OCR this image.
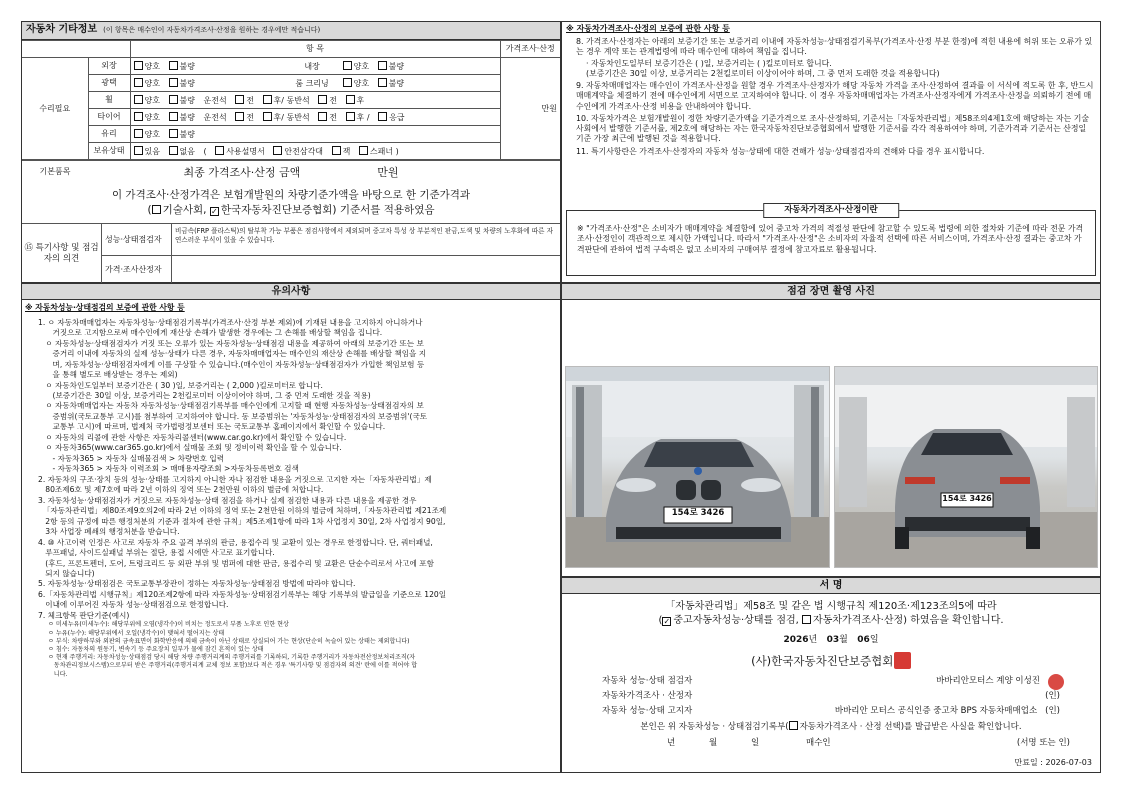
자동차 기타정보 (이 항목은 매수인이 자동차가격조사·산정을 원하는 경우에만 적습니다)
		항 목	가격조사·산정
수리필요	외장	양호 불량 내장 양호 불량	만원
	광택	양호 불량 룸 크리닝 양호 불량	
	휠	양호 불량 운전석 전 후/ 동반석 전 후	
	타이어	양호 불량 운전석 전 후/ 동반석 전 후 / 응급	
	유리	양호 불량	
	보유상태	있음 없음 ( 사용설명서 안전삼각대 잭 스패너 )	
기본품목	최종 가격조사·산정 금액	만원
이 가격조사·산정가격은 보험개발원의 차량기준가액을 바탕으로 한 기준가격과
( 기술사회, ✓ 한국자동차진단보증협회) 기준서를 적용하였음
⑮ 특기사항 및 점검자의 의견
성능·상태점검자
비금속(FRP 플라스틱)의 탈부착 가능 부품은 점검사항에서 제외되며 중고차 특성 상 부분적인 판금,도색 및 차량의 노후화에 따른 자연스러운 부식이 있을 수 있습니다.
가격·조사산정자
※ 자동차가격조사·산정의 보증에 관한 사항 등

8. 가격조사·산정자는 아래의 보증기간 또는 보증거리 이내에 자동차성능·상태점검기록부(가격조사·산정 부분 한정)에 적힌 내용에 허위 또는 오류가 있는 경우 계약 또는 관계법령에 따라 매수인에 대하여 책임을 집니다.

· 자동차인도일부터 보증기간은 ( )일, 보증거리는 ( )킬로미터로 합니다.

(보증기간은 30일 이상, 보증거리는 2천킬로미터 이상이어야 하며, 그 중 먼저 도래한 것을 적용합니다)

9. 자동차매매업자는 매수인이 가격조사·산정을 원할 경우 가격조사·산정자가 해당 자동차 가격을 조사·산정하여 결과를 이 서식에 적도록 한 후, 반드시 매매계약을 체결하기 전에 매수인에게 서면으로 고지하여야 합니다. 이 경우 자동차매매업자는 가격조사·산정자에게 가격조사·산정을 의뢰하기 전에 매수인에게 가격조사·산정 비용을 안내하여야 합니다.

10. 자동차가격은 보험개발원이 정한 차량기준가액을 기준가격으로 조사·산정하되, 기준서는「자동차관리법」제58조의4제1호에 해당하는 자는 기술사회에서 발행한 기준서를, 제2호에 해당하는 자는 한국자동차진단보증협회에서 발행한 기준서를 각각 적용하여야 하며, 기준가격과 기준서는 산정일 기준 가장 최근에 발행된 것을 적용합니다.

11. 특기사항란은 가격조사·산정자의 자동차 성능·상태에 대한 견해가 성능·상태점검자의 견해와 다를 경우 표시합니다.

자동차가격조사·산정이란
※ "가격조사·산정"은 소비자가 매매계약을 체결함에 있어 중고차 가격의 적절성 판단에 참고할 수 있도록 법령에 의한 절차와 기준에 따라 전문 가격조사·산정인이 객관적으로 제시한 가액입니다. 따라서 "가격조사·산정"은 소비자의 자율적 선택에 따른 서비스이며, 가격조사·산정 결과는 중고차 가격판단에 관하여 법적 구속력은 없고 소비자의 구매여부 결정에 참고자료로 활용됩니다.
유의사항
※ 자동차성능·상태점검의 보증에 관한 사항 등
1. ㅇ 자동차매매업자는 자동차성능·상태점검기록부(가격조사·산정 부분 제외)에 기재된 내용을 고지하지 아니하거나
거짓으로 고지함으로써 매수인에게 재산상 손해가 발생한 경우에는 그 손해를 배상할 책임을 집니다.
ㅇ 자동차성능·상태점검자가 거짓 또는 오류가 있는 자동차성능·상태점검 내용을 제공하여 아래의 보증기간 또는 보
증거리 이내에 자동차의 실제 성능·상태가 다른 경우, 자동차매매업자는 매수인의 재산상 손해를 배상할 책임을 지
며, 자동차성능·상태점검자에게 이를 구상할 수 있습니다.(매수인이 자동차성능·상태점검자가 가입한 책임보험 등
을 통해 별도로 배상받는 경우는 제외)
ㅇ 자동차인도일부터 보증기간은 ( 30 )일, 보증거리는 ( 2,000 )킬로미터로 합니다.
(보증기간은 30일 이상, 보증거리는 2천킬로미터 이상이어야 하며, 그 중 먼저 도래한 것을 적용)
ㅇ 자동차매매업자는 자동차 자동차성능·상태점검기록부를 매수인에게 고지할 때 현행 자동차성능·상태점검자의 보
증범위(국토교통부 고시)를 첨부하여 고지하여야 합니다. 동 보증범위는 '자동차성능·상태점검자의 보증범위'(국토
교통부 고시)에 따르며, 법제처 국가법령정보센터 또는 국토교통부 홈페이지에서 확인할 수 있습니다.
ㅇ 자동차의 리콜에 관한 사항은 자동차리콜센터(www.car.go.kr)에서 확인할 수 있습니다.
ㅇ 자동차365(www.car365.go.kr)에서 실매물 조회 및 정비이력 확인을 할 수 있습니다.
- 자동차365 > 자동차 실매물검색 > 차량번호 입력
- 자동차365 > 자동차 이력조회 > 매매용자량조회 >자동차등록번호 검색
2. 자동차의 구조·장치 등의 성능·상태를 고지하지 아니한 자나 점검한 내용을 거짓으로 고지한 자는「자동차관리법」제
80조제6호 및 제7호에 따라 2년 이하의 징역 또는 2천만원 이하의 벌금에 처합니다.
3. 자동차성능·상태점검자가 거짓으로 자동차성능·상태 점검을 하거나 실제 점검한 내용과 다른 내용을 제공한 경우
「자동차관리법」제80조제9호의2에 따라 2년 이하의 징역 또는 2천만원 이하의 벌금에 처하며,「자동차관리법 제21조제
2항 등의 규정에 따른 행정처분의 기준과 절차에 관한 규칙」제5조제1항에 따라 1차 사업정지 30일, 2차 사업정지 90일,
3차 사업장 폐쇄의 행정처분을 받습니다.
4. ⑩ 사고이력 인정은 사고로 자동차 주요 골격 부위의 판금, 용접수리 및 교환이 있는 경우로 한정합니다. 단, 쿼터패널,
루프패널, 사이드실패널 부위는 절단, 용접 시에만 사고로 표기합니다.
(후드, 프론트펜더, 도어, 트렁크리드 등 외판 부위 및 범퍼에 대한 판금, 용접수리 및 교환은 단순수리로서 사고에 포함
되지 않습니다)
5. 자동차성능·상태점검은 국토교통부장관이 정하는 자동차성능·상태점검 방법에 따라야 합니다.
6.「자동차관리법 시행규칙」제120조제2항에 따라 자동차성능·상태점검기록부는 해당 기록부의 발급일을 기준으로 120일
이내에 이루어진 자동차 성능·상태점검으로 한정합니다.
7. 체크항목 판단기준(예시)
ㅇ 미세누유(미세누수): 해당부위에 오염(냉각수)이 비치는 정도로서 부품 노후로 인한 현상
ㅇ 누유(누수): 해당부위에서 오일(냉각수)이 맺혀서 떨어지는 상태
ㅇ 부식: 차량하부와 외판의 금속표면이 화학반응에 의해 금속이 아닌 상태로 상실되어 가는 현상(단순히 녹슬어 있는 상태는 제외합니다)
ㅇ 침수: 자동차의 원동기, 변속기 등 주요장치 일부가 물에 잠긴 흔적이 있는 상태
ㅇ 현재 주행거리: 자동차성능·상태점검 당시 해당 차량 주행거리계의 주행거리를 기록하되, 기록한 주행거리가 자동차전산정보처리조직(자
동차관리정보시스템)으로부터 받은 주행거리(주행거리계 교체 정보 포함)보다 적은 경우 '특기사항 및 점검자의 의견' 란에 이를 적어야 합
니다.
점검 장면 촬영 사진
154로 3426
154로 3426
서 명
「자동차관리법」제58조 및 같은 법 시행규칙 제120조·제123조의5에 따라
(✓ 중고자동차성능·상태를 점검, 자동차가격조사·산정) 하였음을 확인합니다.
2026년 03월 06일
(사)한국자동차진단보증협회
자동차 성능·상태 점검자	바바리안모터스 계양 이성진
자동차가격조사 · 산정자	(인)
자동차 성능·상태 고지자	바바리안 모터스 공식인증 중고차 BPS 자동차매매업소 (인)
본인은 위 자동차성능 · 상태점검기록부( 자동차가격조사 · 산정 선택)를 발급받은 사실을 확인합니다.
년	월	일	매수인	(서명 또는 인)
만료일 : 2026-07-03
